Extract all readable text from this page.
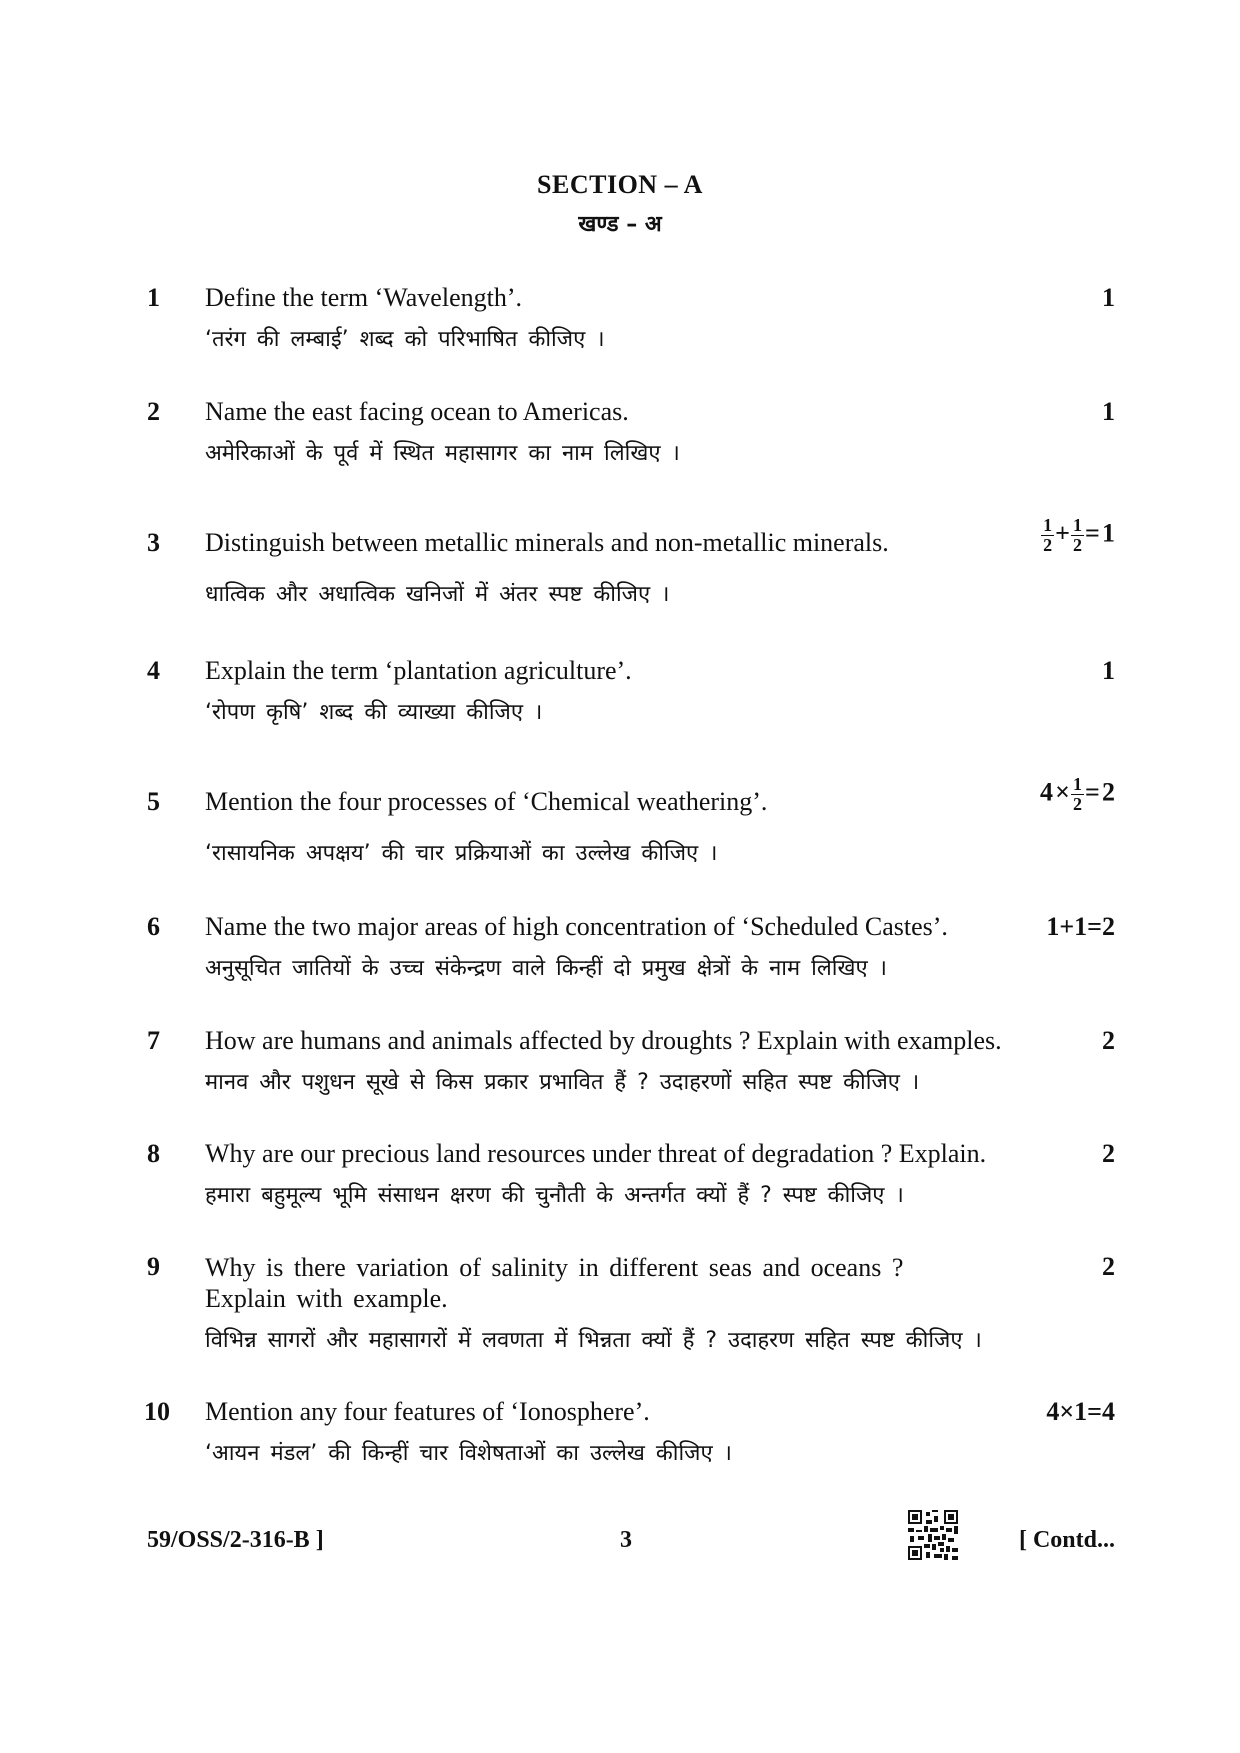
SECTION – A
खण्ड – अ
1 Define the term ‘Wavelength’.
‘तरंग की लम्बाई’ शब्द को परिभाषित कीजिए ।
1
2 Name the east facing ocean to Americas.
अमेरिकाओं के पूर्व में स्थित महासागर का नाम लिखिए ।
1
3 Distinguish between metallic minerals and non-metallic minerals.
धात्विक और अधात्विक खनिजों में अंतर स्पष्ट कीजिए ।
$\frac{1}{2} + \frac{1}{2}$ = 1
4 Explain the term ‘plantation agriculture’.
‘रोपण कृषि’ शब्द की व्याख्या कीजिए ।
1
5 Mention the four processes of ‘Chemical weathering’.
‘रासायनिक अपक्षय’ की चार प्रक्रियाओं का उल्लेख कीजिए ।
4 × $\frac{1}{2}$ = 2
6 Name the two major areas of high concentration of ‘Scheduled Castes’.
अनुसूचित जातियों के उच्च संकेन्द्रण वाले किन्हीं दो प्रमुख क्षेत्रों के नाम लिखिए ।
1+1=2
7 How are humans and animals affected by droughts ? Explain with examples.
मानव और पशुधन सूखे से किस प्रकार प्रभावित हैं ? उदाहरणों सहित स्पष्ट कीजिए ।
2
8 Why are our precious land resources under threat of degradation ? Explain.
हमारा बहुमूल्य भूमि संसाधन क्षरण की चुनौती के अन्तर्गत क्यों हैं ? स्पष्ट कीजिए ।
2
9 Why is there variation of salinity in different seas and oceans ? Explain with example.
विभिन्न सागरों और महासागरों में लवणता में भिन्नता क्यों हैं ? उदाहरण सहित स्पष्ट कीजिए ।
2
10 Mention any four features of ‘Ionosphere’.
‘आयन मंडल’ की किन्हीं चार विशेषताओं का उल्लेख कीजिए ।
4×1=4
59/OSS/2-316-B ]	3	[ Contd...
